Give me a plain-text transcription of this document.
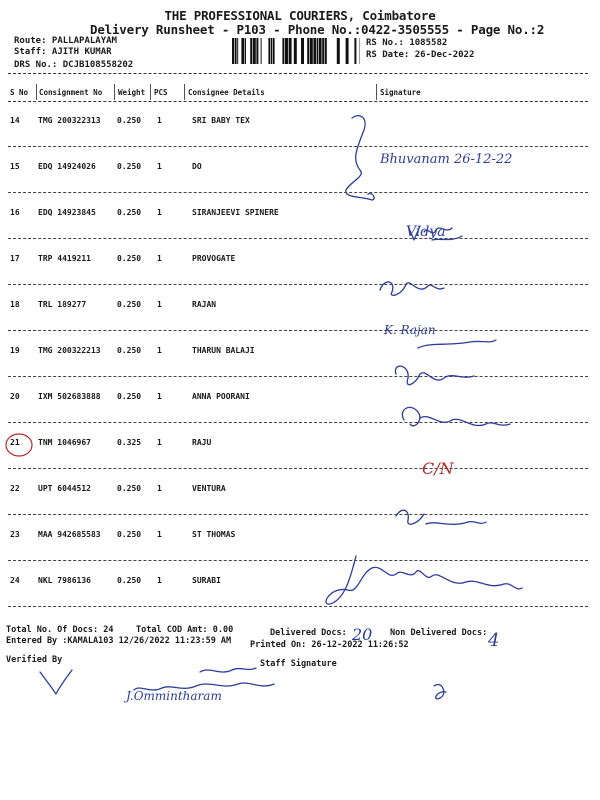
THE PROFESSIONAL COURIERS, Coimbatore
Delivery Runsheet - P103 - Phone No.:0422-3505555 - Page No.:2
Route: PALLAPALAYAM
Staff: AJITH KUMAR
DRS No.: DCJB108558202
RS No.: 1085582
RS Date: 26-Dec-2022
S No Consignment No Weight PCS	Consignee Details	Signature
14 TMG 200322313 0.250 1	SRI BABY TEX
15 EDQ 14924026	0.250 1	DO
16 EDQ 14923845	0.250 1	SIRANJEEVI SPINERE
17 TRP 4419211	0.250 1	PROVOGATE
18 TRL 189277	0.250 1	RAJAN
19 TMG 200322213 0.250 1	THARUN BALAJI
20 IXM 502683888 0.250 1	ANNA POORANI
21 TNM 1046967	0.325 1	RAJU
22 UPT 6044512	0.250 1	VENTURA
23 MAA 942685583 0.250 1	ST THOMAS
24 NKL 7986136	0.250 1	SURABI
Total No. Of Docs: 24	Total COD Amt: 0.00	Delivered Docs:	Non Delivered Docs:
Entered By :KAMALA103 12/26/2022 11:23:59 AM Printed On: 26-12-2022 11:26:52
Verified By	Staff Signature
Bhuvanam 26-12-22
Vidya
K. Rajan
20	4
J.Ommintharam
C/N
